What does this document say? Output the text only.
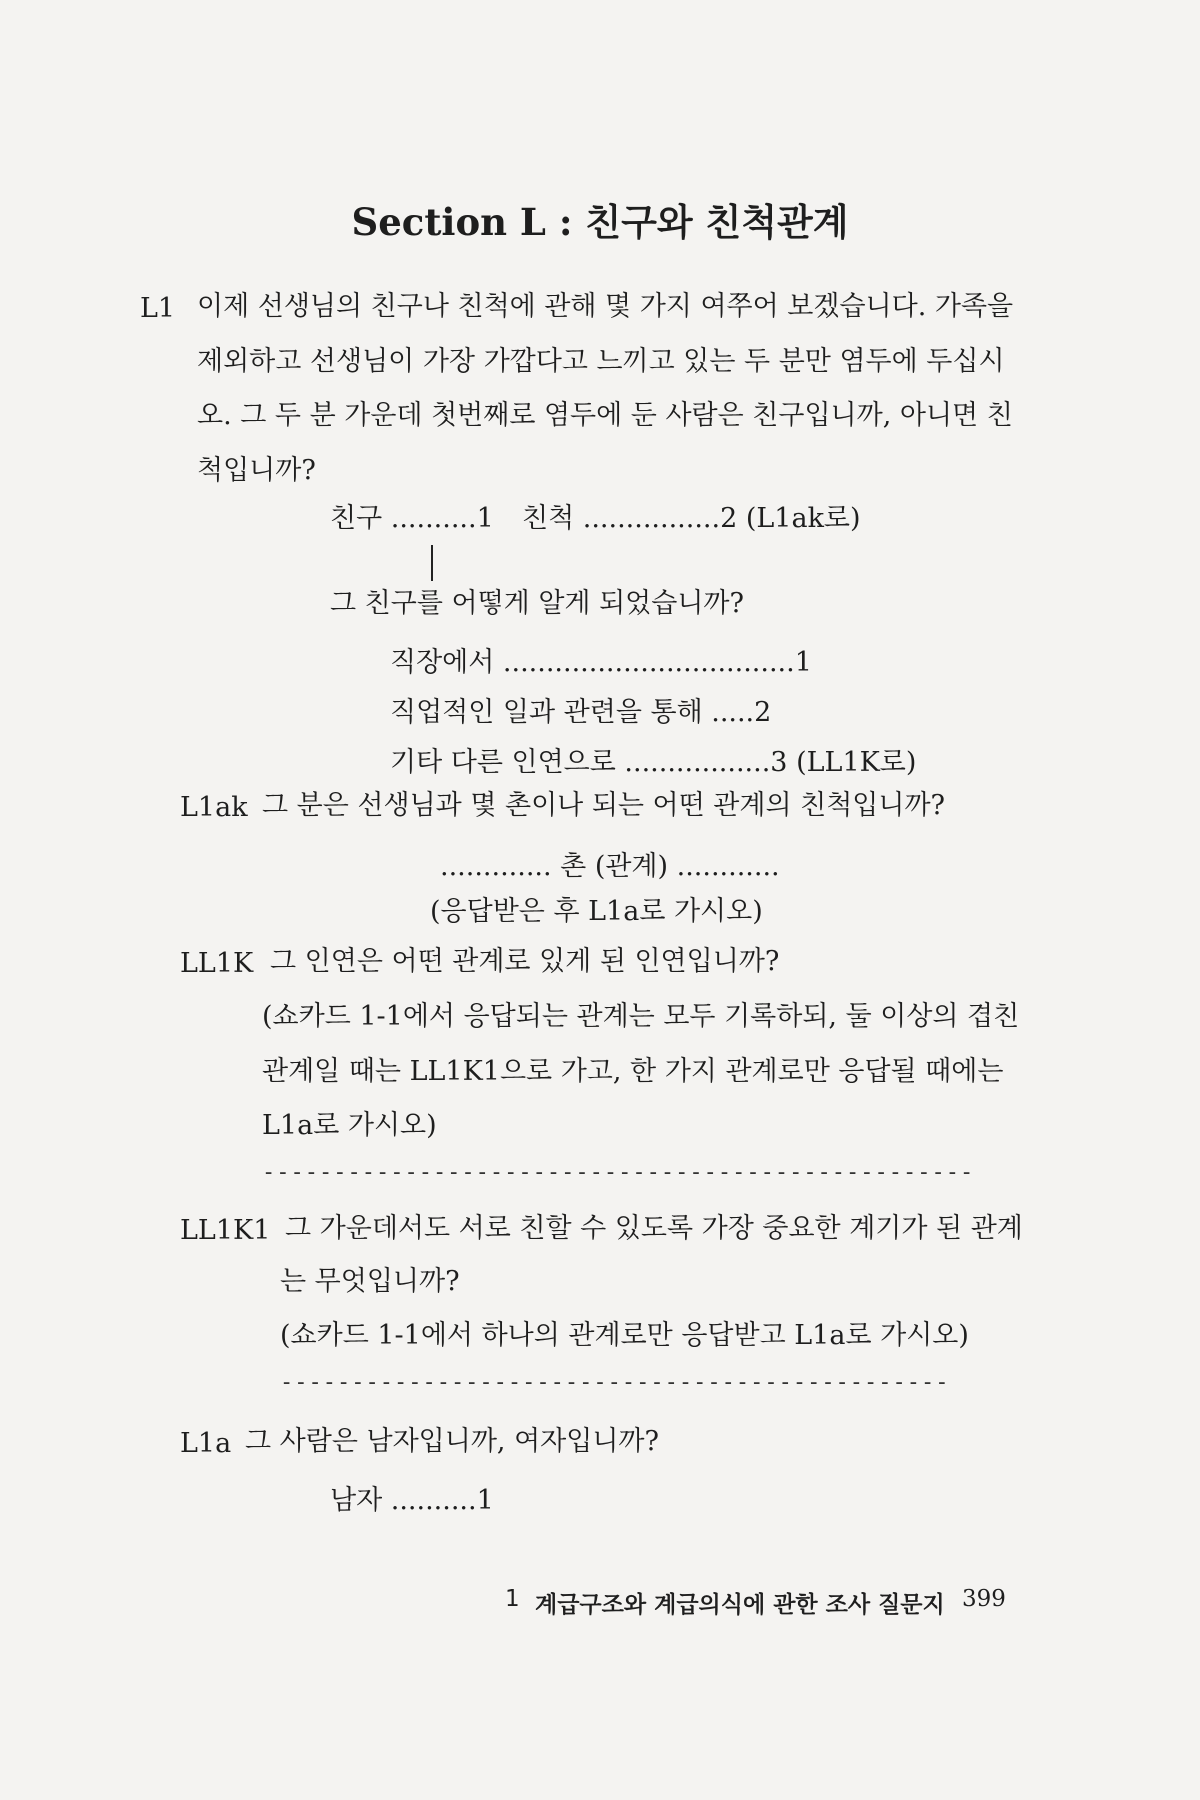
Section L : 친구와 친척관계
L1 이제 선생님의 친구나 친척에 관해 몇 가지 여쭈어 보겠습니다. 가족을
제외하고 선생님이 가장 가깝다고 느끼고 있는 두 분만 염두에 두십시
오. 그 두 분 가운데 첫번째로 염두에 둔 사람은 친구입니까, 아니면 친
척입니까?
친구 ..........1 친척 ................2 (L1ak로)
그 친구를 어떻게 알게 되었습니까?
직장에서 ..................................1
직업적인 일과 관련을 통해 .....2
기타 다른 인연으로 .................3 (LL1K로)
L1ak 그 분은 선생님과 몇 촌이나 되는 어떤 관계의 친척입니까?
............. 촌 (관계) ............
(응답받은 후 L1a로 가시오)
LL1K 그 인연은 어떤 관계로 있게 된 인연입니까?
(쇼카드 1-1에서 응답되는 관계는 모두 기록하되, 둘 이상의 겹친
관계일 때는 LL1K1으로 가고, 한 가지 관계로만 응답될 때에는
L1a로 가시오)
--------------------------------------------------
LL1K1 그 가운데서도 서로 친할 수 있도록 가장 중요한 계기가 된 관계
는 무엇입니까?
(쇼카드 1-1에서 하나의 관계로만 응답받고 L1a로 가시오)
-----------------------------------------------
L1a 그 사람은 남자입니까, 여자입니까?
남자 ..........1
1 계급구조와 계급의식에 관한 조사 질문지 399
